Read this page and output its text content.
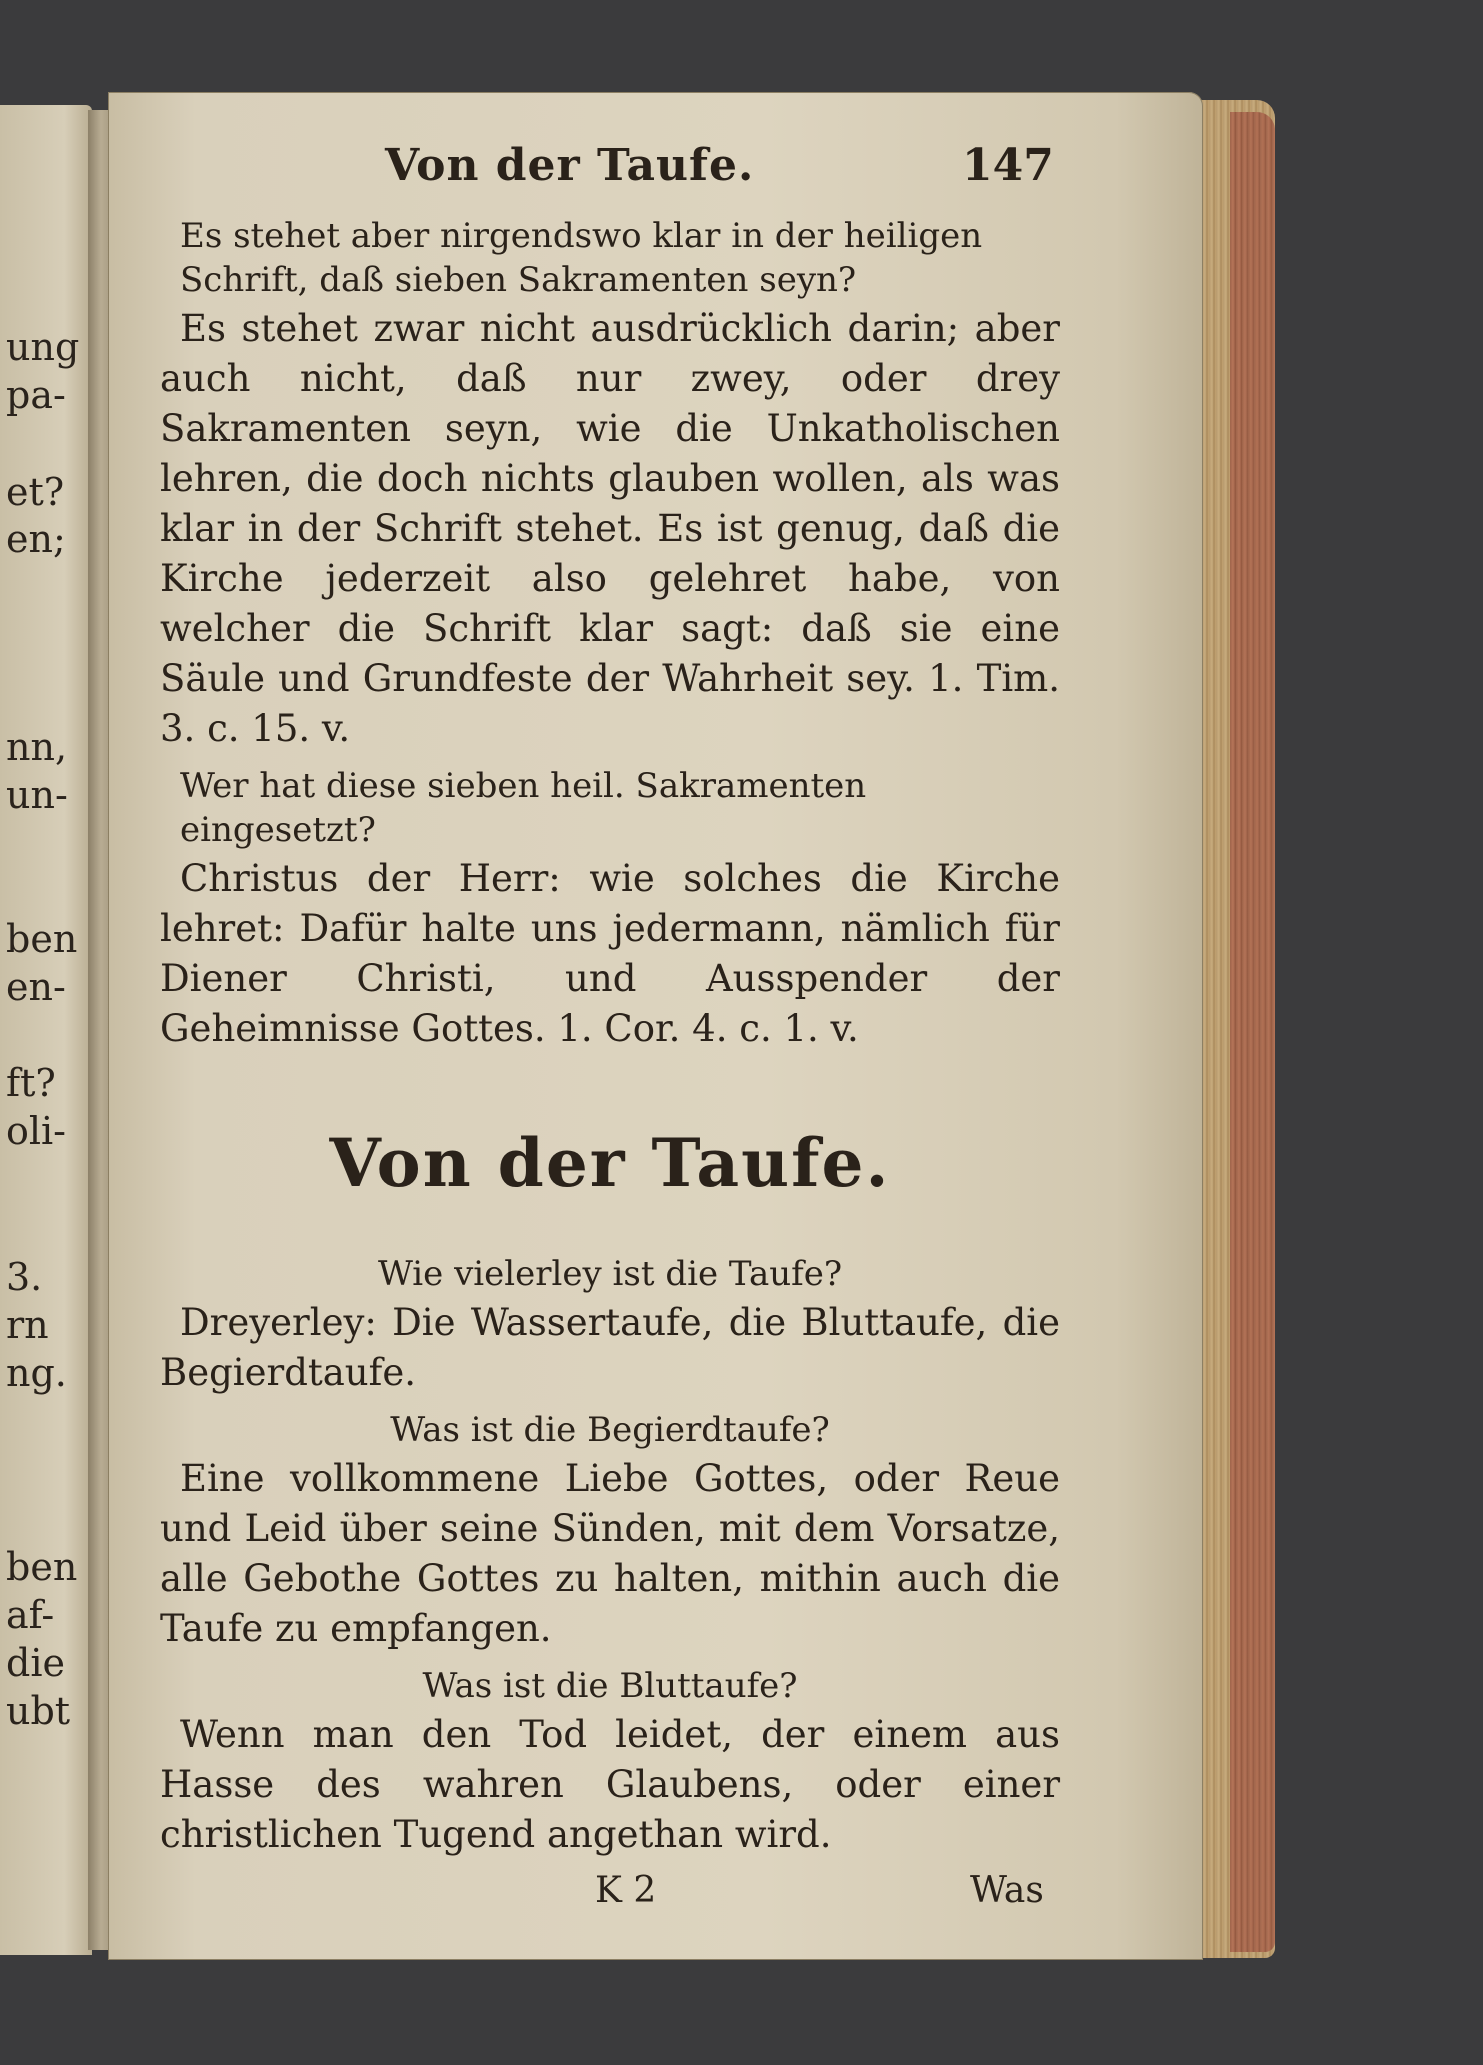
ung
pa-
et?
en;
nn,
un-
ben
en-
ft?
oli-
3.
rn
ng.
ben
af-
die
ubt
Von der Taufe.	147
Es stehet aber nirgendswo klar in der heiligen Schrift, daß sieben Sakramenten seyn?
Es stehet zwar nicht ausdrücklich darin; aber auch nicht, daß nur zwey, oder drey Sakramenten seyn, wie die Unkatholischen lehren, die doch nichts glauben wollen, als was klar in der Schrift stehet. Es ist genug, daß die Kirche jederzeit also gelehret habe, von welcher die Schrift klar sagt: daß sie eine Säule und Grundfeste der Wahrheit sey. 1. Tim. 3. c. 15. v.
Wer hat diese sieben heil. Sakramenten eingesetzt?
Christus der Herr: wie solches die Kirche lehret: Dafür halte uns jedermann, nämlich für Diener Christi, und Ausspender der Geheimnisse Gottes. 1. Cor. 4. c. 1. v.
Von der Taufe.
Wie vielerley ist die Taufe?
Dreyerley: Die Wassertaufe, die Bluttaufe, die Begierdtaufe.
Was ist die Begierdtaufe?
Eine vollkommene Liebe Gottes, oder Reue und Leid über seine Sünden, mit dem Vorsatze, alle Gebothe Gottes zu halten, mithin auch die Taufe zu empfangen.
Was ist die Bluttaufe?
Wenn man den Tod leidet, der einem aus Hasse des wahren Glaubens, oder einer christlichen Tugend angethan wird.
K 2	Was
